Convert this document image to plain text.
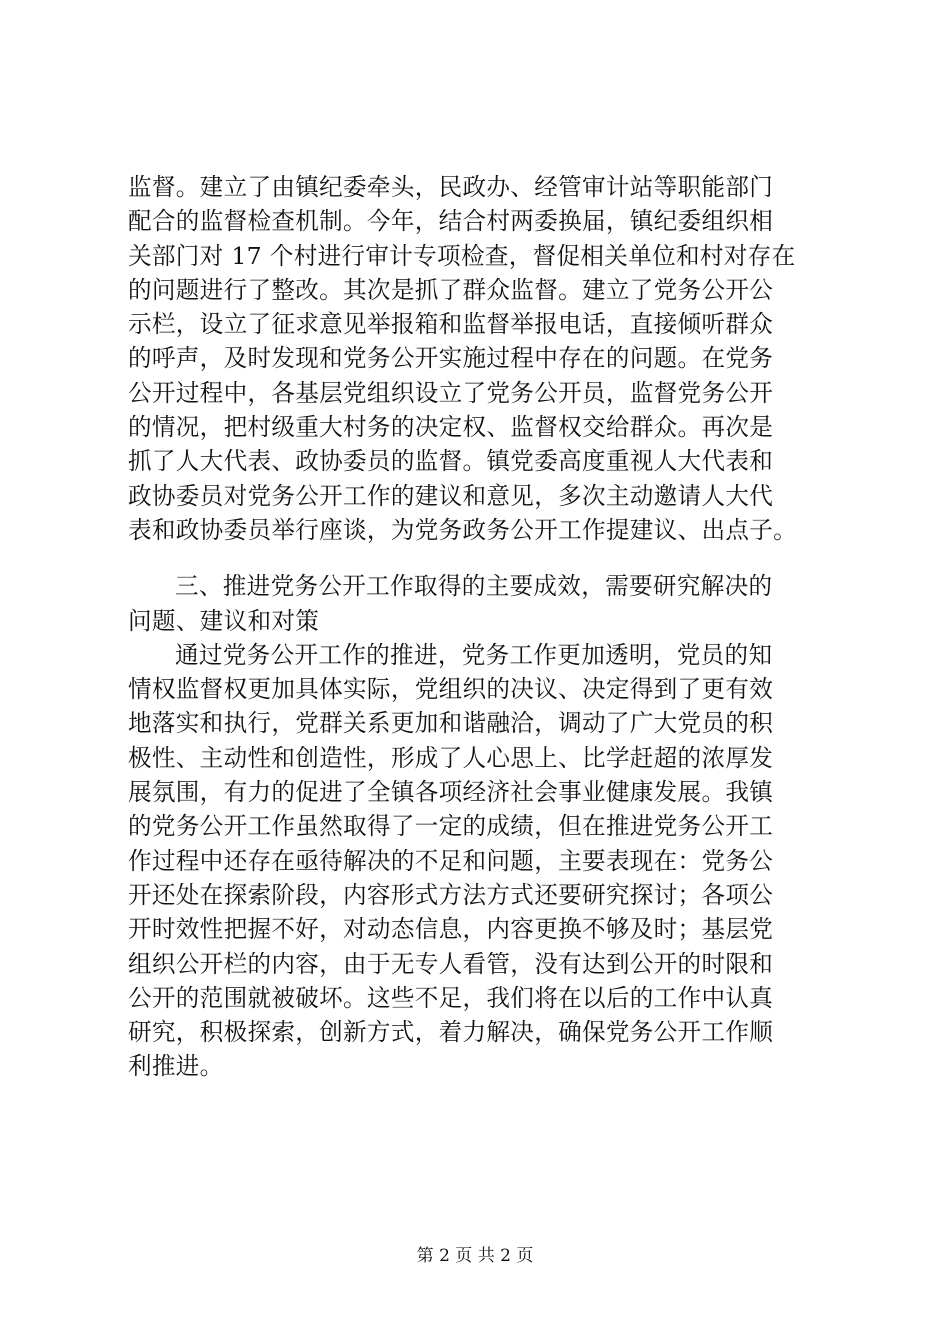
监督。建立了由镇纪委牵头，民政办、经管审计站等职能部门
配合的监督检查机制。今年，结合村两委换届，镇纪委组织相
关部门对 17 个村进行审计专项检查，督促相关单位和村对存在
的问题进行了整改。其次是抓了群众监督。建立了党务公开公
示栏，设立了征求意见举报箱和监督举报电话，直接倾听群众
的呼声，及时发现和党务公开实施过程中存在的问题。在党务
公开过程中，各基层党组织设立了党务公开员，监督党务公开
的情况，把村级重大村务的决定权、监督权交给群众。再次是
抓了人大代表、政协委员的监督。镇党委高度重视人大代表和
政协委员对党务公开工作的建议和意见，多次主动邀请人大代
表和政协委员举行座谈，为党务政务公开工作提建议、出点子。
三、推进党务公开工作取得的主要成效，需要研究解决的
问题、建议和对策
通过党务公开工作的推进，党务工作更加透明，党员的知
情权监督权更加具体实际，党组织的决议、决定得到了更有效
地落实和执行，党群关系更加和谐融洽，调动了广大党员的积
极性、主动性和创造性，形成了人心思上、比学赶超的浓厚发
展氛围，有力的促进了全镇各项经济社会事业健康发展。我镇
的党务公开工作虽然取得了一定的成绩，但在推进党务公开工
作过程中还存在亟待解决的不足和问题，主要表现在：党务公
开还处在探索阶段，内容形式方法方式还要研究探讨；各项公
开时效性把握不好，对动态信息，内容更换不够及时；基层党
组织公开栏的内容，由于无专人看管，没有达到公开的时限和
公开的范围就被破坏。这些不足，我们将在以后的工作中认真
研究，积极探索，创新方式，着力解决，确保党务公开工作顺
利推进。
第 2 页 共 2 页
